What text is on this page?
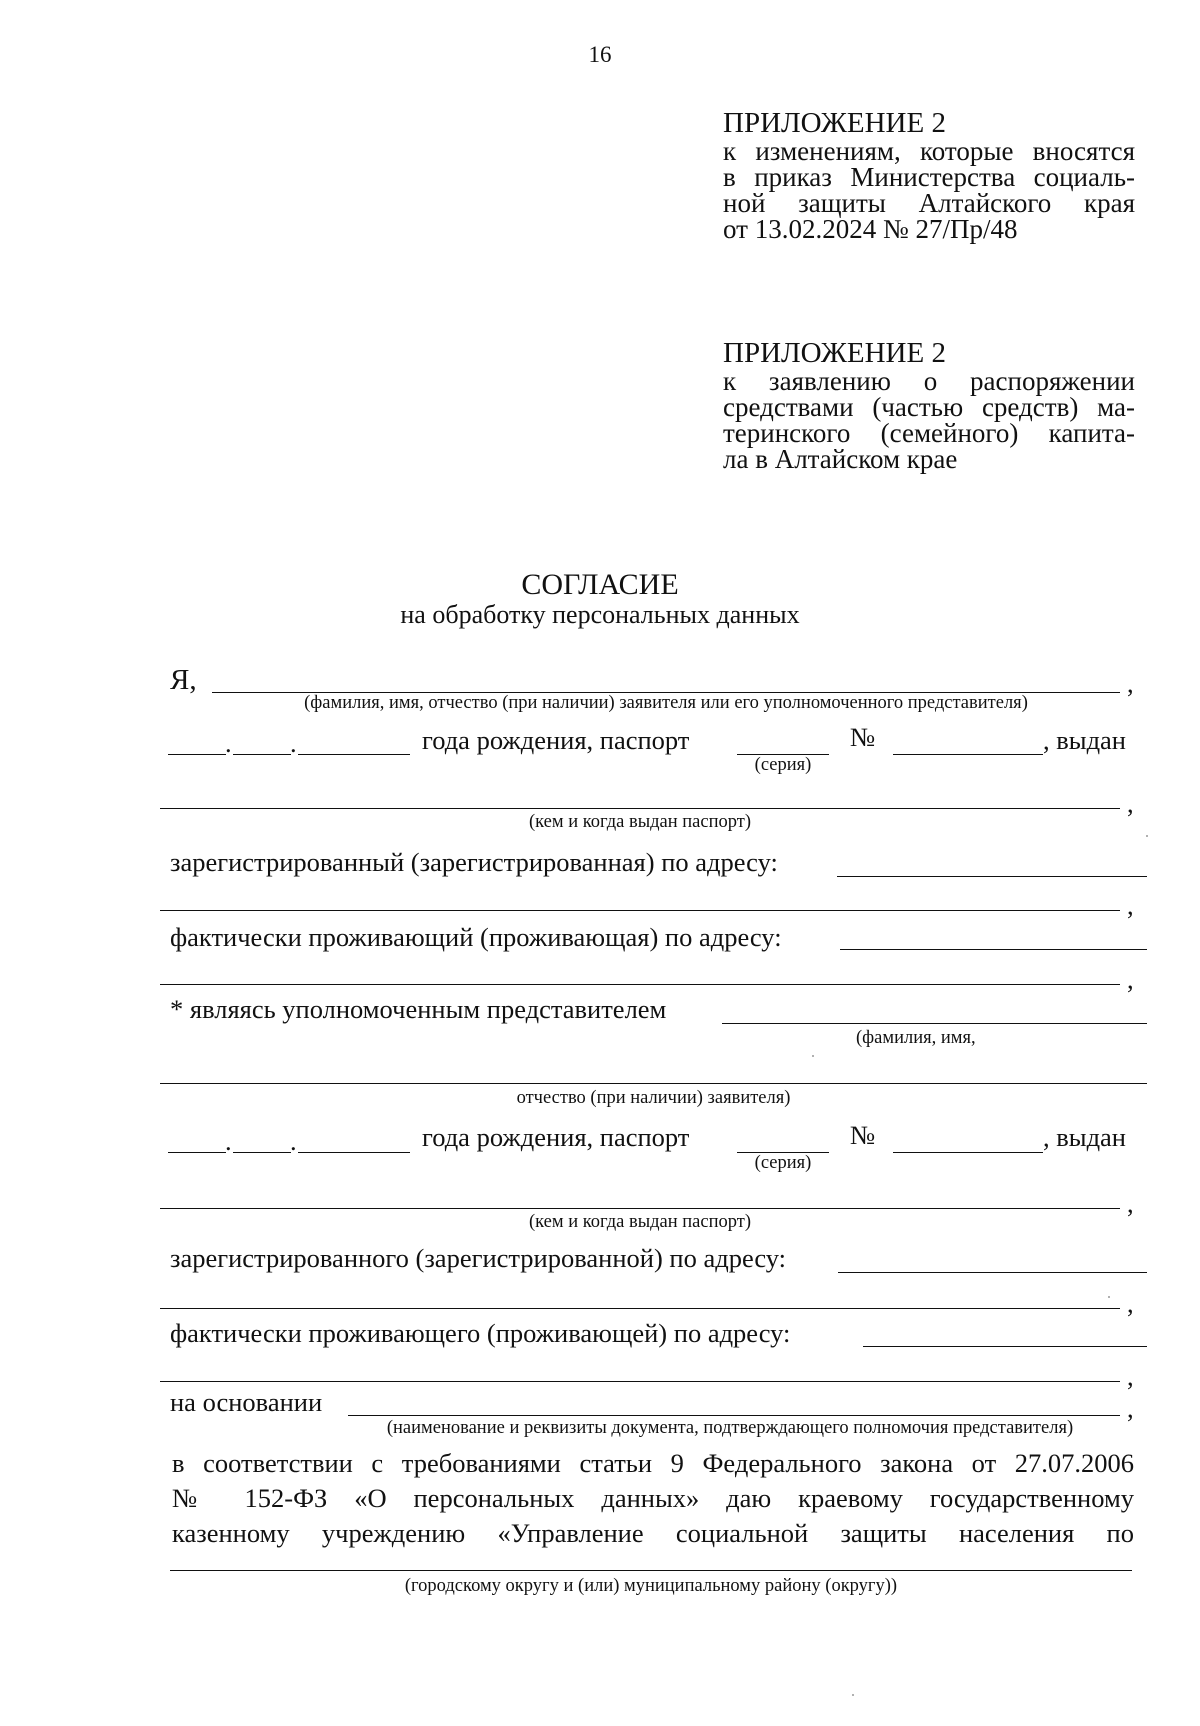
16
ПРИЛОЖЕНИЕ 2
к изменениям, которые вносятся
в приказ Министерства социаль-
ной защиты Алтайского края
от 13.02.2024 № 27/Пр/48
ПРИЛОЖЕНИЕ 2
к заявлению о распоряжении
средствами (частью средств) ма-
теринского (семейного) капита-
ла в Алтайском крае
СОГЛАСИЕ
на обработку персональных данных
Я,	,
(фамилия, имя, отчество (при наличии) заявителя или его уполномоченного представителя)
. .	года рождения, паспорт
(серия)
№	, выдан
,
(кем и когда выдан паспорт)
зарегистрированный (зарегистрированная) по адресу:
,
фактически проживающий (проживающая) по адресу:
,
* являясь уполномоченным представителем
(фамилия, имя,
отчество (при наличии) заявителя)
. .	года рождения, паспорт
(серия)
№	, выдан
,
(кем и когда выдан паспорт)
зарегистрированного (зарегистрированной) по адресу:
,
фактически проживающего (проживающей) по адресу:
,
на основании	,
(наименование и реквизиты документа, подтверждающего полномочия представителя)
в соответствии с требованиями статьи 9 Федерального закона от 27.07.2006
№ 152-ФЗ «О персональных данных» даю краевому государственному
казенному учреждению «Управление социальной защиты населения по
(городскому округу и (или) муниципальному району (округу))
